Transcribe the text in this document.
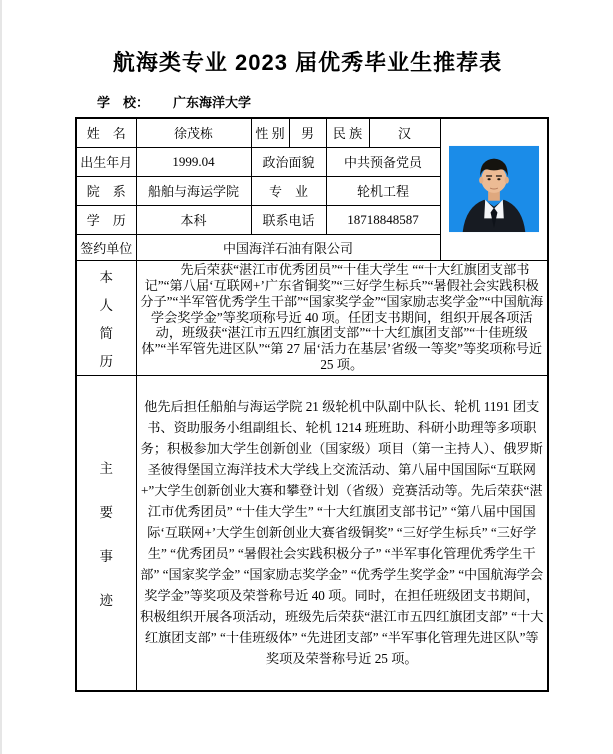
航海类专业 2023 届优秀毕业生推荐表
学　校： 广东海洋大学
姓　名	徐茂栋	性 别	男	民 族	汉	

出生年月	1999.04	政治面貌		中共预备党员		
院　系	船舶与海运学院	专　业		轮机工程		
学　历	本科	联系电话		18718848587		
签约单位	中国海洋石油有限公司					

本
人
简
历

先后荣获“湛江市优秀团员”“十佳大学生 ““十大红旗团支部书记”“第八届‘互联网+’广东省铜奖”“三好学生标兵”“暑假社会实践积极分子”“半军管优秀学生干部”“国家奖学金”“国家励志奖学金”“中国航海学会奖学金”等奖项称号近 40 项。任团支书期间，组织开展各项活动，班级获“湛江市五四红旗团支部”“十大红旗团支部”“十佳班级体”“半军管先进区队”“第 27 届‘活力在基层’省级一等奖”等奖项称号近 25 项。

主
要
事
迹

他先后担任船舶与海运学院 21 级轮机中队副中队长、轮机 1191 团支书、资助服务小组副组长、轮机 1214 班班助、科研小助理等多项职务；积极参加大学生创新创业（国家级）项目（第一主持人）、俄罗斯圣彼得堡国立海洋技术大学线上交流活动、第八届中国国际“互联网+”大学生创新创业大赛和攀登计划（省级）竞赛活动等。先后荣获“湛江市优秀团员” “十佳大学生” “十大红旗团支部书记” “第八届中国国际‘互联网+’大学生创新创业大赛省级铜奖” “三好学生标兵” “三好学生” “优秀团员” “暑假社会实践积极分子” “半军事化管理优秀学生干部” “国家奖学金” “国家励志奖学金” “优秀学生奖学金” “中国航海学会奖学金”等奖项及荣誉称号近 40 项。同时，在担任班级团支书期间，积极组织开展各项活动，班级先后荣获“湛江市五四红旗团支部” “十大红旗团支部” “十佳班级体” “先进团支部” “半军事化管理先进区队”等奖项及荣誉称号近 25 项。
